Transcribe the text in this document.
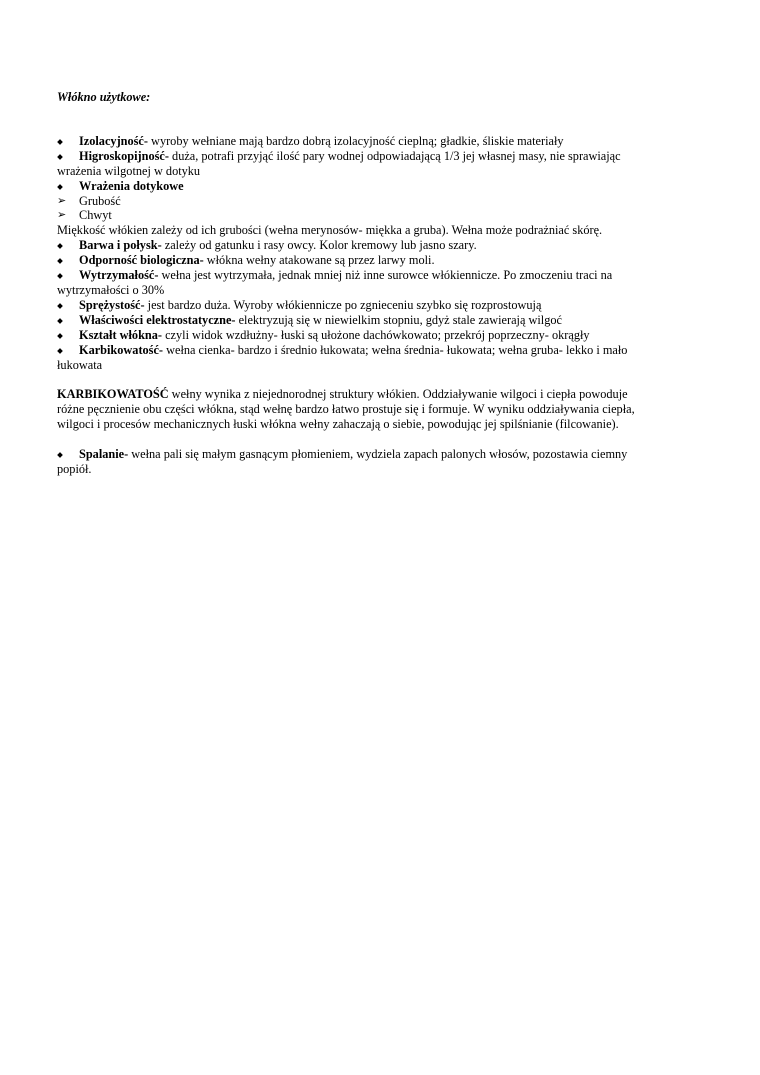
Włókno użytkowe:

Izolacyjność- wyroby wełniane mają bardzo dobrą izolacyjność cieplną; gładkie, śliskie materiały
Higroskopijność- duża, potrafi przyjąć ilość pary wodnej odpowiadającą 1/3 jej własnej masy, nie sprawiając
wrażenia wilgotnej w dotyku
Wrażenia dotykowe
➢	Grubość
➢	Chwyt

Miękkość włókien zależy od ich grubości (wełna merynosów- miękka a gruba). Wełna może podrażniać skórę.

Barwa i połysk- zależy od gatunku i rasy owcy. Kolor kremowy lub jasno szary.
Odporność biologiczna- włókna wełny atakowane są przez larwy moli.
Wytrzymałość- wełna jest wytrzymała, jednak mniej niż inne surowce włókiennicze. Po zmoczeniu traci na
wytrzymałości o 30%
Sprężystość- jest bardzo duża. Wyroby włókiennicze po zgnieceniu szybko się rozprostowują
Właściwości elektrostatyczne- elektryzują się w niewielkim stopniu, gdyż stale zawierają wilgoć
Kształt włókna- czyli widok wzdłużny- łuski są ułożone dachówkowato; przekrój poprzeczny- okrągły
Karbikowatość- wełna cienka- bardzo i średnio łukowata; wełna średnia- łukowata; wełna gruba- lekko i mało
łukowata
KARBIKOWATOŚĆ wełny wynika z niejednorodnej struktury włókien. Oddziaływanie wilgoci i ciepła powoduje
różne pęcznienie obu części włókna, stąd wełnę bardzo łatwo prostuje się i formuje. W wyniku oddziaływania ciepła,
wilgoci i procesów mechanicznych łuski włókna wełny zahaczają o siebie, powodując jej spilśnianie (filcowanie).
Spalanie- wełna pali się małym gasnącym płomieniem, wydziela zapach palonych włosów, pozostawia ciemny
popiół.
